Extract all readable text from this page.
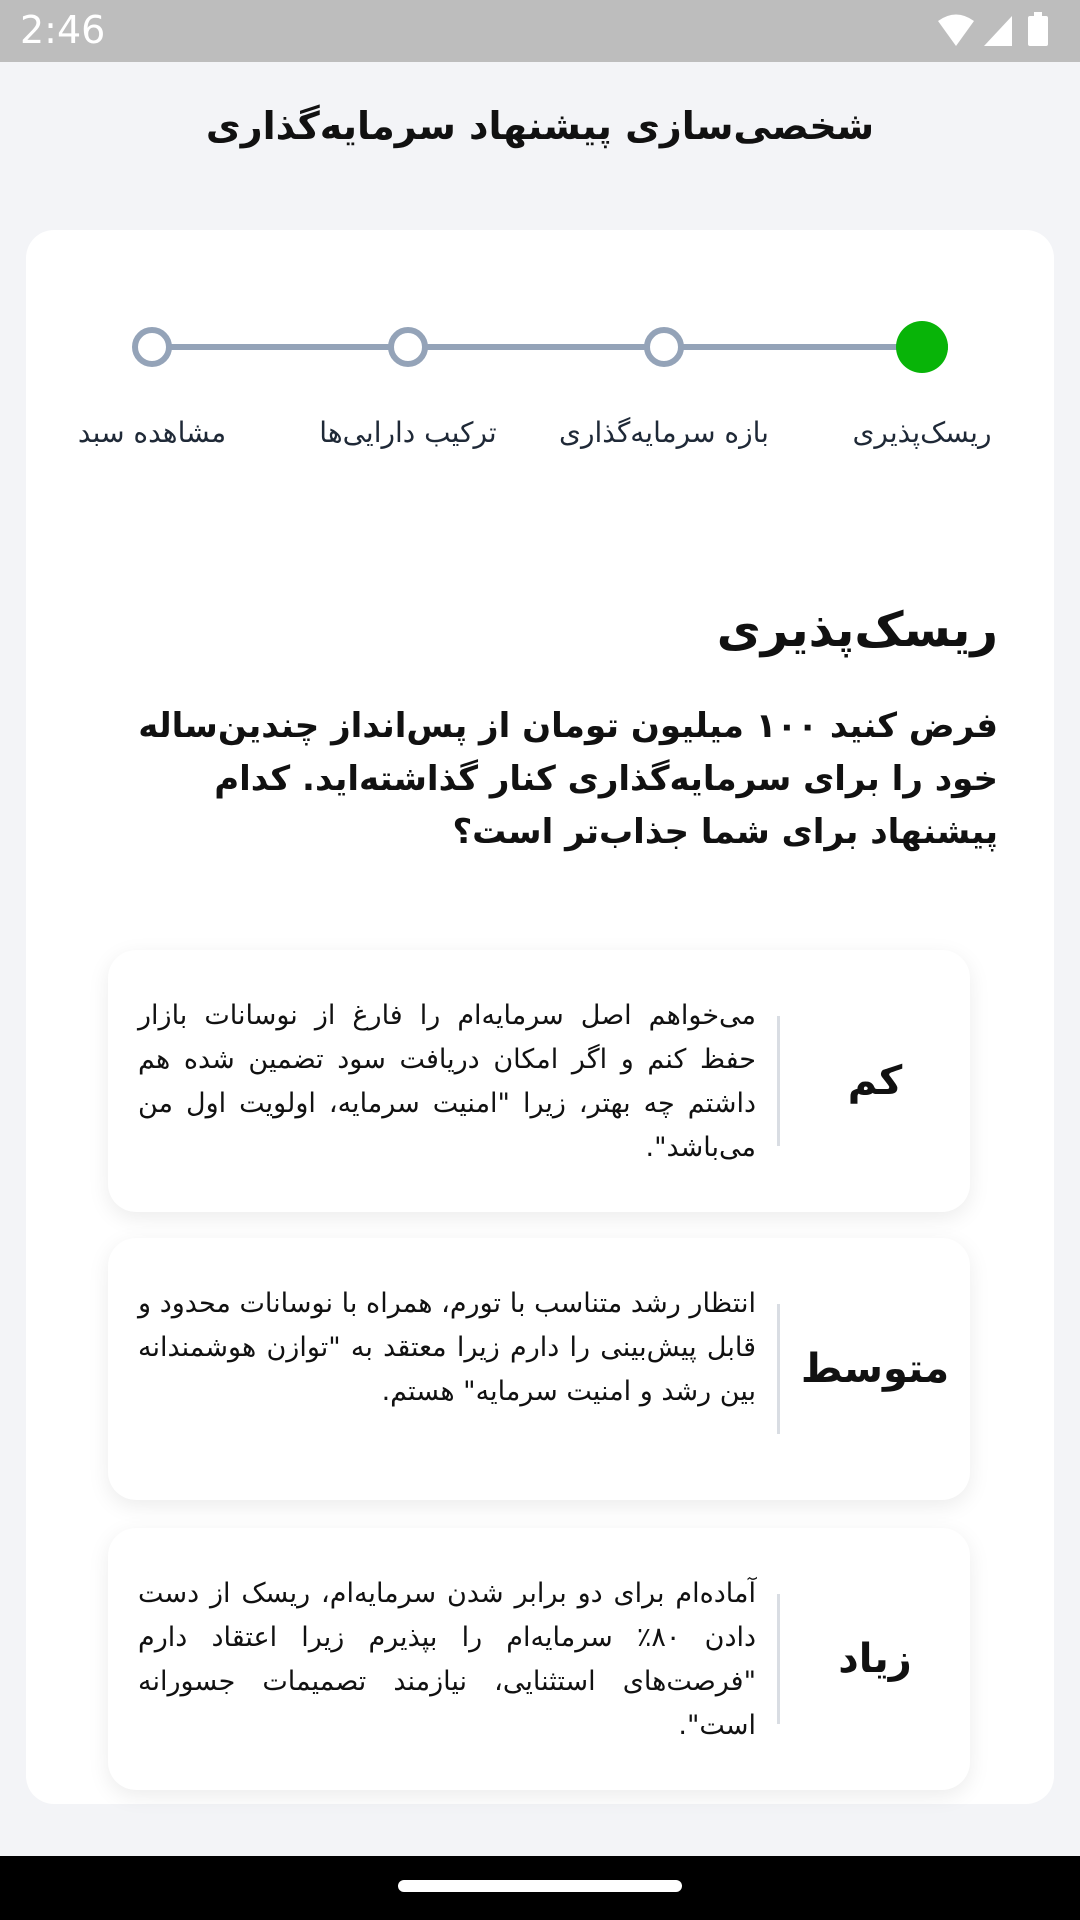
2:46
شخصی‌سازی پیشنهاد سرمایه‌گذاری
ریسک‌پذیری
بازه سرمایه‌گذاری
ترکیب دارایی‌ها
مشاهده سبد
ریسک‌پذیری

فرض کنید ۱۰۰ میلیون تومان از پس‌انداز چندین‌ساله خود را برای سرمایه‌گذاری کنار گذاشته‌اید. کدام پیشنهاد برای شما جذاب‌تر است؟

کم

می‌خواهم اصل سرمایه‌ام را فارغ از نوسانات بازار حفظ کنم و اگر امکان دریافت سود تضمین شده هم داشتم چه بهتر، زیرا "امنیت سرمایه، اولویت اول من می‌باشد".

متوسط

انتظار رشد متناسب با تورم، همراه با نوسانات محدود و قابل پیش‌بینی را دارم زیرا معتقد به "توازن هوشمندانه بین رشد و امنیت سرمایه" هستم.

زیاد

آماده‌ام برای دو برابر شدن سرمایه‌ام، ریسک از دست دادن ۸۰٪ سرمایه‌ام را بپذیرم زیرا اعتقاد دارم "فرصت‌های استثنایی، نیازمند تصمیمات جسورانه است".
